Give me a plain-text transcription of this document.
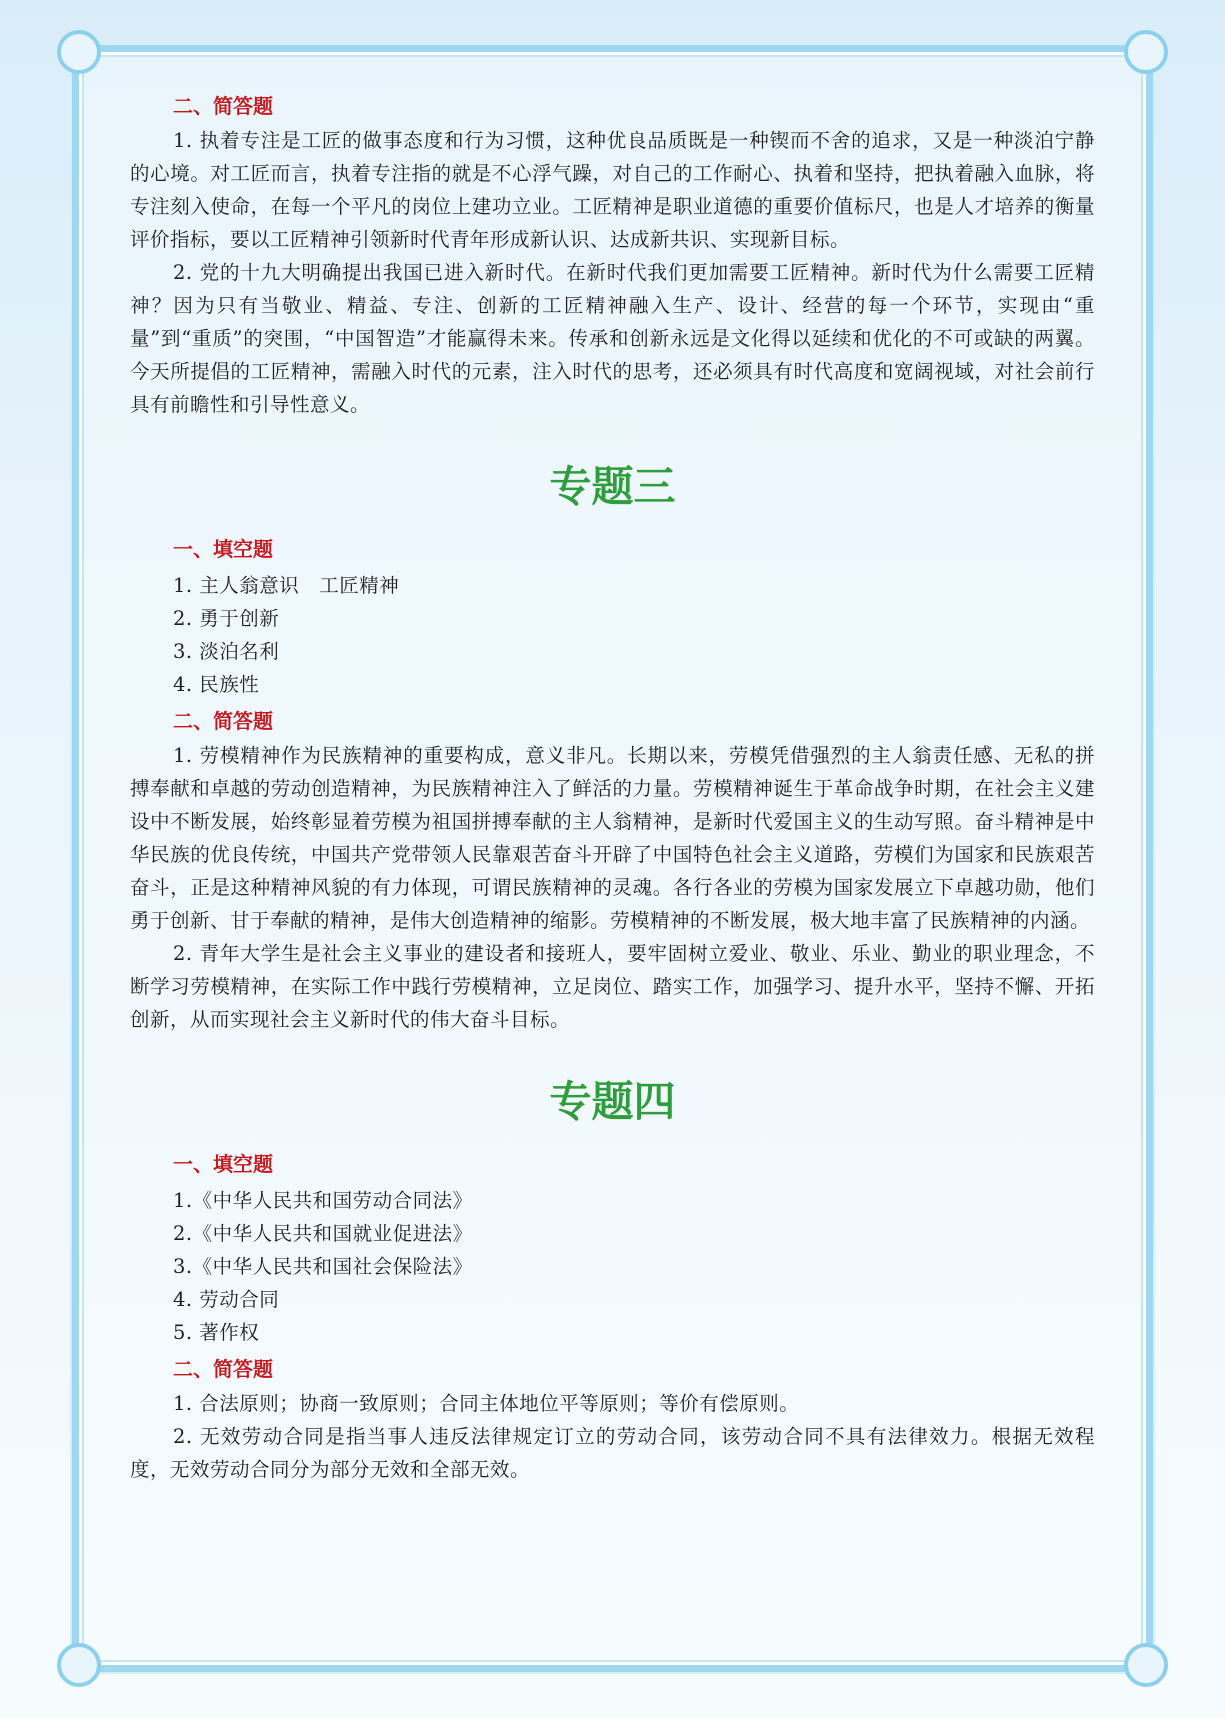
二、简答题

1. 执着专注是工匠的做事态度和行为习惯，这种优良品质既是一种锲而不舍的追求，又是一种淡泊宁静的心境。对工匠而言，执着专注指的就是不心浮气躁，对自己的工作耐心、执着和坚持，把执着融入血脉，将专注刻入使命，在每一个平凡的岗位上建功立业。工匠精神是职业道德的重要价值标尺，也是人才培养的衡量评价指标，要以工匠精神引领新时代青年形成新认识、达成新共识、实现新目标。

2. 党的十九大明确提出我国已进入新时代。在新时代我们更加需要工匠精神。新时代为什么需要工匠精神？因为只有当敬业、精益、专注、创新的工匠精神融入生产、设计、经营的每一个环节，实现由“重量”到“重质”的突围，“中国智造”才能赢得未来。传承和创新永远是文化得以延续和优化的不可或缺的两翼。今天所提倡的工匠精神，需融入时代的元素，注入时代的思考，还必须具有时代高度和宽阔视域，对社会前行具有前瞻性和引导性意义。

专题三

一、填空题

1. 主人翁意识　工匠精神

2. 勇于创新

3. 淡泊名利

4. 民族性

二、简答题

1. 劳模精神作为民族精神的重要构成，意义非凡。长期以来，劳模凭借强烈的主人翁责任感、无私的拼搏奉献和卓越的劳动创造精神，为民族精神注入了鲜活的力量。劳模精神诞生于革命战争时期，在社会主义建设中不断发展，始终彰显着劳模为祖国拼搏奉献的主人翁精神，是新时代爱国主义的生动写照。奋斗精神是中华民族的优良传统，中国共产党带领人民靠艰苦奋斗开辟了中国特色社会主义道路，劳模们为国家和民族艰苦奋斗，正是这种精神风貌的有力体现，可谓民族精神的灵魂。各行各业的劳模为国家发展立下卓越功勋，他们勇于创新、甘于奉献的精神，是伟大创造精神的缩影。劳模精神的不断发展，极大地丰富了民族精神的内涵。

2. 青年大学生是社会主义事业的建设者和接班人，要牢固树立爱业、敬业、乐业、勤业的职业理念，不断学习劳模精神，在实际工作中践行劳模精神，立足岗位、踏实工作，加强学习、提升水平，坚持不懈、开拓创新，从而实现社会主义新时代的伟大奋斗目标。

专题四

一、填空题

1.《中华人民共和国劳动合同法》

2.《中华人民共和国就业促进法》

3.《中华人民共和国社会保险法》

4. 劳动合同

5. 著作权

二、简答题

1. 合法原则；协商一致原则；合同主体地位平等原则；等价有偿原则。

2. 无效劳动合同是指当事人违反法律规定订立的劳动合同，该劳动合同不具有法律效力。根据无效程度，无效劳动合同分为部分无效和全部无效。
